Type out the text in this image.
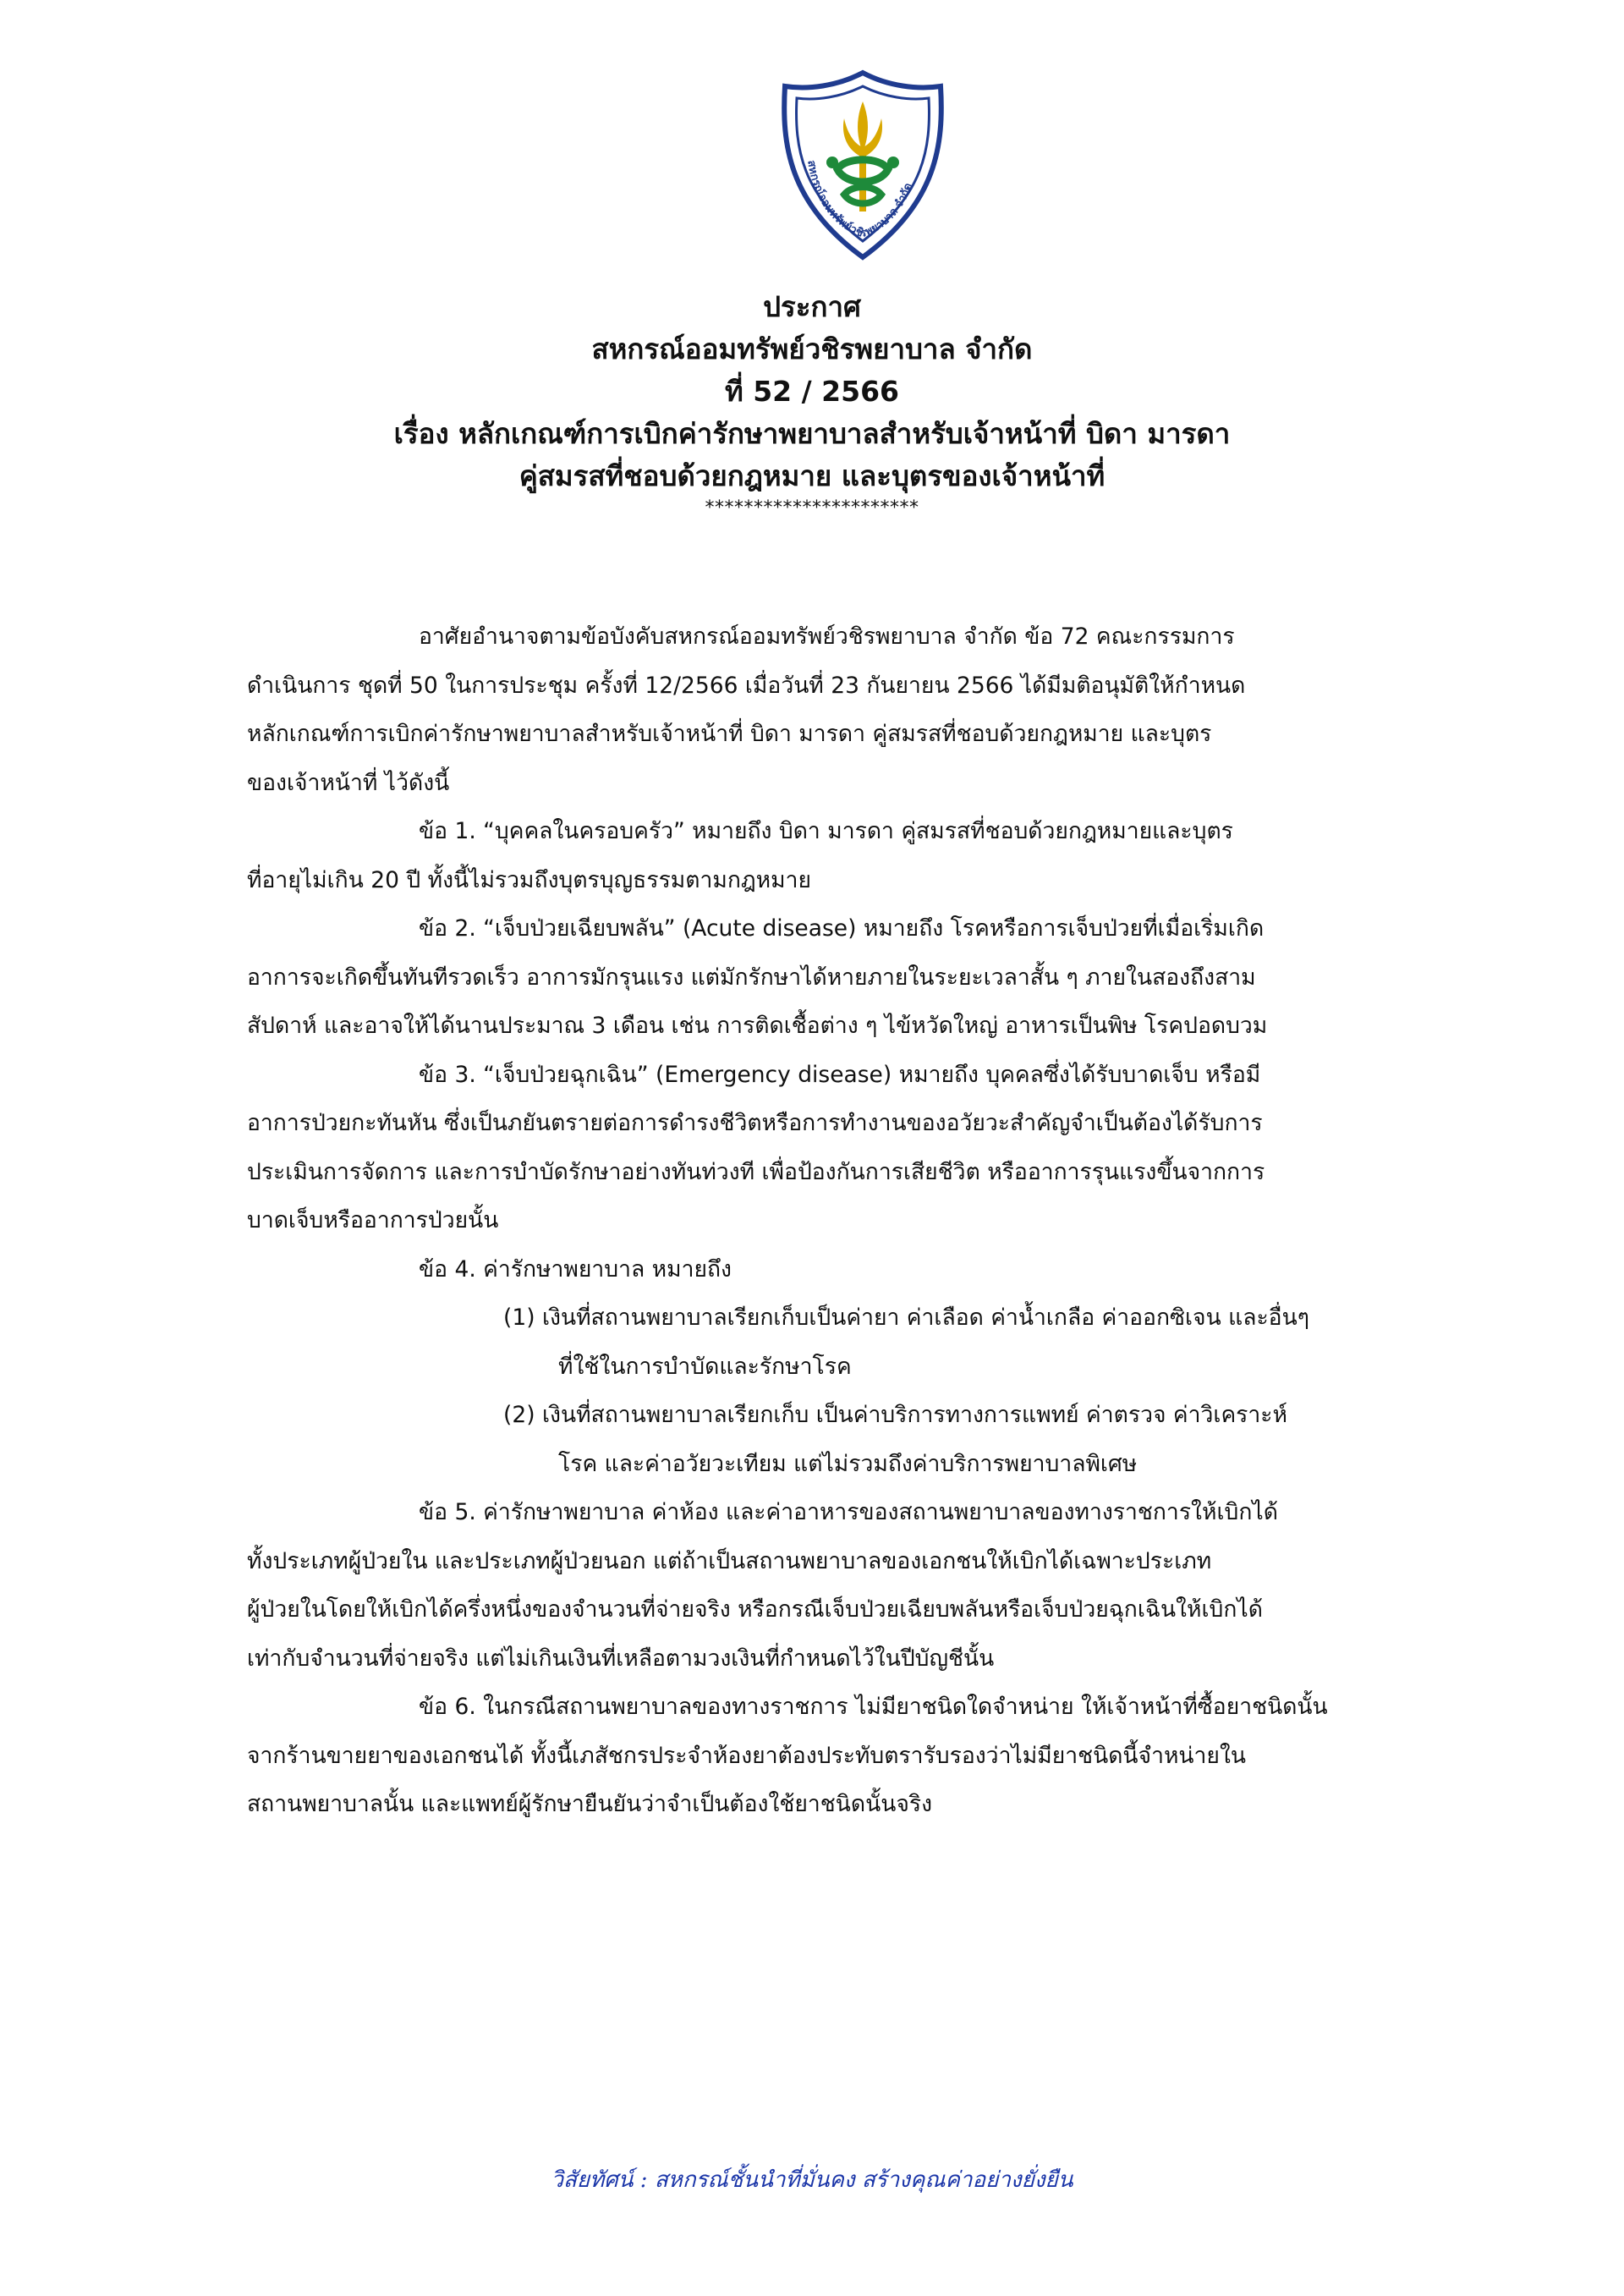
สหกรณ์ออมทรัพย์วชิรพยาบาล จำกัด
ประกาศ
สหกรณ์ออมทรัพย์วชิรพยาบาล จำกัด
ที่ 52 / 2566
เรื่อง หลักเกณฑ์การเบิกค่ารักษาพยาบาลสำหรับเจ้าหน้าที่ บิดา มารดา
คู่สมรสที่ชอบด้วยกฎหมาย และบุตรของเจ้าหน้าที่
**********************
อาศัยอำนาจตามข้อบังคับสหกรณ์ออมทรัพย์วชิรพยาบาล จำกัด ข้อ 72 คณะกรรมการ
ดำเนินการ ชุดที่ 50 ในการประชุม ครั้งที่ 12/2566 เมื่อวันที่ 23 กันยายน 2566 ได้มีมติอนุมัติให้กำหนด
หลักเกณฑ์การเบิกค่ารักษาพยาบาลสำหรับเจ้าหน้าที่ บิดา มารดา คู่สมรสที่ชอบด้วยกฎหมาย และบุตร
ของเจ้าหน้าที่ ไว้ดังนี้
ข้อ 1. “บุคคลในครอบครัว” หมายถึง บิดา มารดา คู่สมรสที่ชอบด้วยกฎหมายและบุตร
ที่อายุไม่เกิน 20 ปี ทั้งนี้ไม่รวมถึงบุตรบุญธรรมตามกฎหมาย
ข้อ 2. “เจ็บป่วยเฉียบพลัน” (Acute disease) หมายถึง โรคหรือการเจ็บป่วยที่เมื่อเริ่มเกิด
อาการจะเกิดขึ้นทันทีรวดเร็ว อาการมักรุนแรง แต่มักรักษาได้หายภายในระยะเวลาสั้น ๆ ภายในสองถึงสาม
สัปดาห์ และอาจให้ได้นานประมาณ 3 เดือน เช่น การติดเชื้อต่าง ๆ ไข้หวัดใหญ่ อาหารเป็นพิษ โรคปอดบวม
ข้อ 3. “เจ็บป่วยฉุกเฉิน” (Emergency disease) หมายถึง บุคคลซึ่งได้รับบาดเจ็บ หรือมี
อาการป่วยกะทันหัน ซึ่งเป็นภยันตรายต่อการดำรงชีวิตหรือการทำงานของอวัยวะสำคัญจำเป็นต้องได้รับการ
ประเมินการจัดการ และการบำบัดรักษาอย่างทันท่วงที เพื่อป้องกันการเสียชีวิต หรืออาการรุนแรงขึ้นจากการ
บาดเจ็บหรืออาการป่วยนั้น
ข้อ 4. ค่ารักษาพยาบาล หมายถึง
(1) เงินที่สถานพยาบาลเรียกเก็บเป็นค่ายา ค่าเลือด ค่าน้ำเกลือ ค่าออกซิเจน และอื่นๆ
ที่ใช้ในการบำบัดและรักษาโรค
(2) เงินที่สถานพยาบาลเรียกเก็บ เป็นค่าบริการทางการแพทย์ ค่าตรวจ ค่าวิเคราะห์
โรค และค่าอวัยวะเทียม แต่ไม่รวมถึงค่าบริการพยาบาลพิเศษ
ข้อ 5. ค่ารักษาพยาบาล ค่าห้อง และค่าอาหารของสถานพยาบาลของทางราชการให้เบิกได้
ทั้งประเภทผู้ป่วยใน และประเภทผู้ป่วยนอก แต่ถ้าเป็นสถานพยาบาลของเอกชนให้เบิกได้เฉพาะประเภท
ผู้ป่วยในโดยให้เบิกได้ครึ่งหนึ่งของจำนวนที่จ่ายจริง หรือกรณีเจ็บป่วยเฉียบพลันหรือเจ็บป่วยฉุกเฉินให้เบิกได้
เท่ากับจำนวนที่จ่ายจริง แต่ไม่เกินเงินที่เหลือตามวงเงินที่กำหนดไว้ในปีบัญชีนั้น
ข้อ 6. ในกรณีสถานพยาบาลของทางราชการ ไม่มียาชนิดใดจำหน่าย ให้เจ้าหน้าที่ซื้อยาชนิดนั้น
จากร้านขายยาของเอกชนได้ ทั้งนี้เภสัชกรประจำห้องยาต้องประทับตรารับรองว่าไม่มียาชนิดนี้จำหน่ายใน
สถานพยาบาลนั้น และแพทย์ผู้รักษายืนยันว่าจำเป็นต้องใช้ยาชนิดนั้นจริง
วิสัยทัศน์ : สหกรณ์ชั้นนำที่มั่นคง สร้างคุณค่าอย่างยั่งยืน
